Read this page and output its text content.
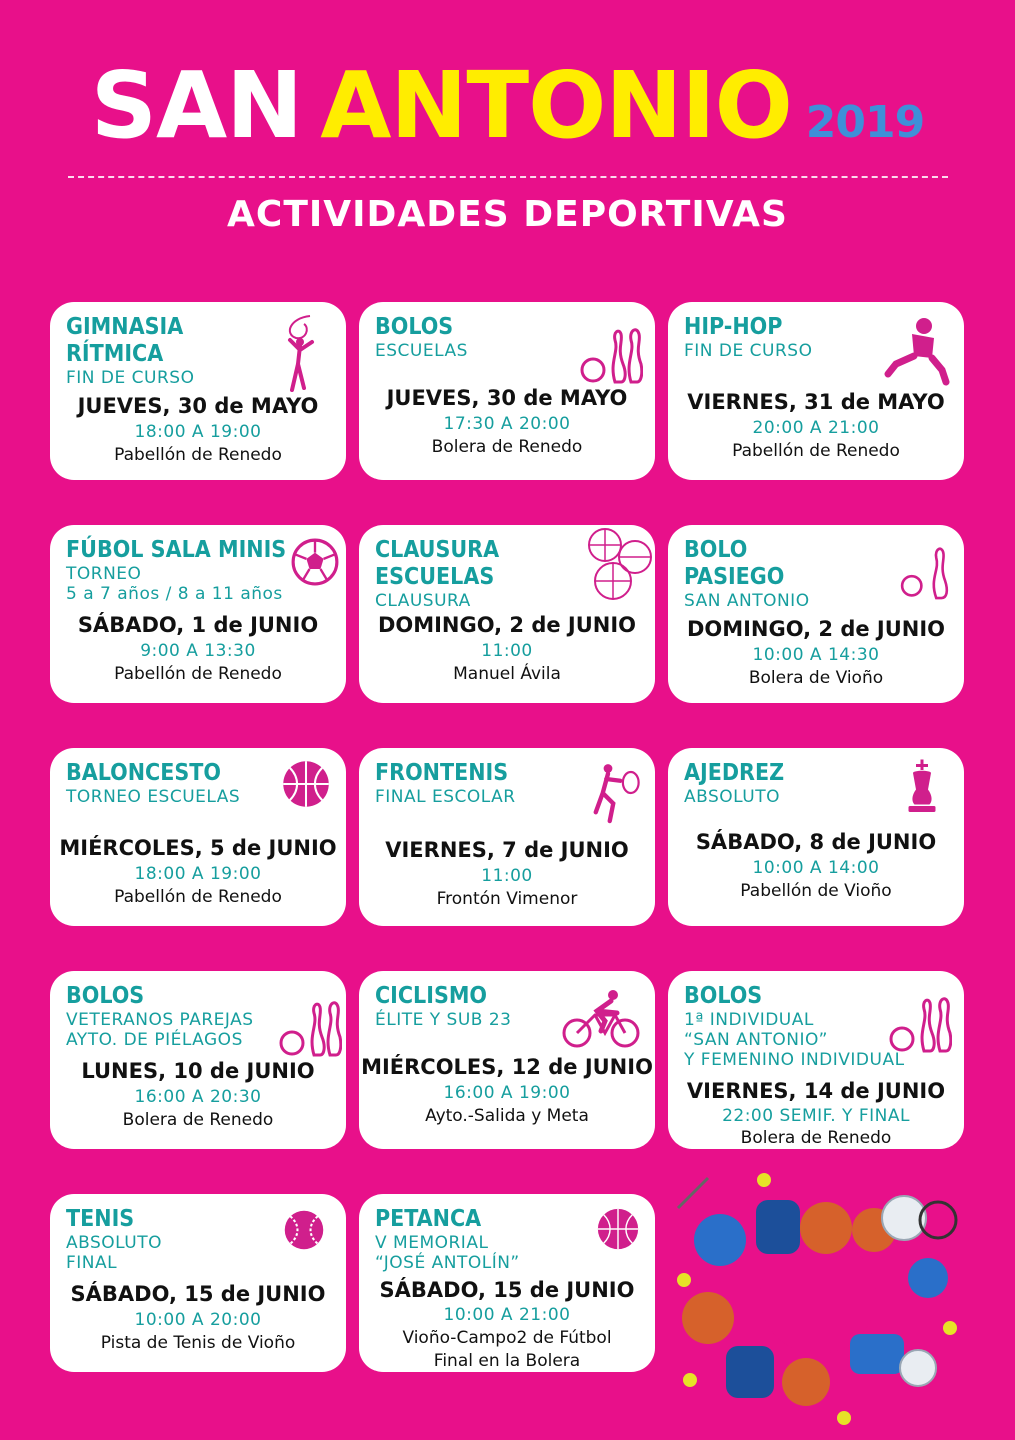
SAN ANTONIO 2019
ACTIVIDADES DEPORTIVAS
GIMNASIA
RÍTMICA
FIN DE CURSO
JUEVES, 30 de MAYO
18:00 A 19:00
Pabellón de Renedo
BOLOS
ESCUELAS
JUEVES, 30 de MAYO
17:30 A 20:00
Bolera de Renedo
HIP-HOP
FIN DE CURSO
VIERNES, 31 de MAYO
20:00 A 21:00
Pabellón de Renedo
FÚBOL SALA MINIS
TORNEO
5 a 7 años / 8 a 11 años
SÁBADO, 1 de JUNIO
9:00 A 13:30
Pabellón de Renedo
CLAUSURA
ESCUELAS
CLAUSURA
DOMINGO, 2 de JUNIO
11:00
Manuel Ávila
BOLO
PASIEGO
SAN ANTONIO
DOMINGO, 2 de JUNIO
10:00 A 14:30
Bolera de Vioño
BALONCESTO
TORNEO ESCUELAS
MIÉRCOLES, 5 de JUNIO
18:00 A 19:00
Pabellón de Renedo
FRONTENIS
FINAL ESCOLAR
VIERNES, 7 de JUNIO
11:00
Frontón Vimenor
AJEDREZ
ABSOLUTO
SÁBADO, 8 de JUNIO
10:00 A 14:00
Pabellón de Vioño
BOLOS
VETERANOS PAREJAS
AYTO. DE PIÉLAGOS
LUNES, 10 de JUNIO
16:00 A 20:30
Bolera de Renedo
CICLISMO
ÉLITE Y SUB 23
MIÉRCOLES, 12 de JUNIO
16:00 A 19:00
Ayto.-Salida y Meta
BOLOS
1ª INDIVIDUAL
“SAN ANTONIO”
Y FEMENINO INDIVIDUAL
VIERNES, 14 de JUNIO
22:00 SEMIF. Y FINAL
Bolera de Renedo
TENIS
ABSOLUTO
FINAL
SÁBADO, 15 de JUNIO
10:00 A 20:00
Pista de Tenis de Vioño
PETANCA
V MEMORIAL
“JOSÉ ANTOLÍN”
SÁBADO, 15 de JUNIO
10:00 A 21:00
Vioño-Campo2 de Fútbol
Final en la Bolera
